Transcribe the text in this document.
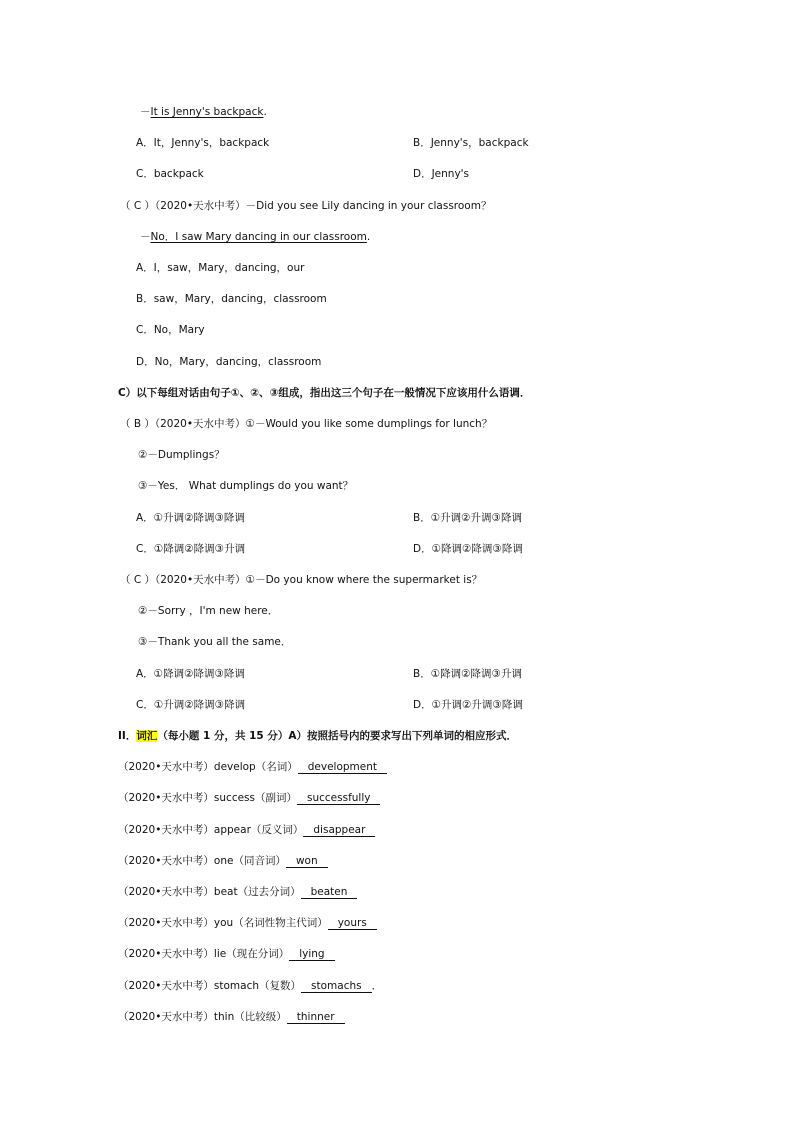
－It is Jenny's backpack.
A．It，Jenny's，backpack	B．Jenny's，backpack
C．backpack	D．Jenny's
（ C ）（2020•天水中考）－Did you see Lily dancing in your classroom？
－No．I saw Mary dancing in our classroom.
A．I，saw，Mary，dancing，our
B．saw，Mary，dancing，classroom
C．No，Mary
D．No，Mary，dancing，classroom
C）以下每组对话由句子①、②、③组成，指出这三个句子在一般情况下应该用什么语调．
（ B ）（2020•天水中考）①－Would you like some dumplings for lunch？
②－Dumplings？
③－Yes． What dumplings do you want？
A．①升调②降调③降调	B．①升调②升调③降调
C．①降调②降调③升调	D．①降调②降调③降调
（ C ）（2020•天水中考）①－Do you know where the supermarket is？
②－Sorry ，I'm new here．
③－Thank you all the same．
A．①降调②降调③降调	B．①降调②降调③升调
C．①升调②降调③降调	D．①升调②升调③降调
II．词汇（每小题 1 分，共 15 分）A）按照括号内的要求写出下列单词的相应形式．
（2020•天水中考）develop（名词） development
（2020•天水中考）success（副词） successfully
（2020•天水中考）appear（反义词） disappear
（2020•天水中考）one（同音词） won
（2020•天水中考）beat（过去分词） beaten
（2020•天水中考）you（名词性物主代词） yours
（2020•天水中考）lie（现在分词） lying
（2020•天水中考）stomach（复数） stomachs ．
（2020•天水中考）thin（比较级） thinner
